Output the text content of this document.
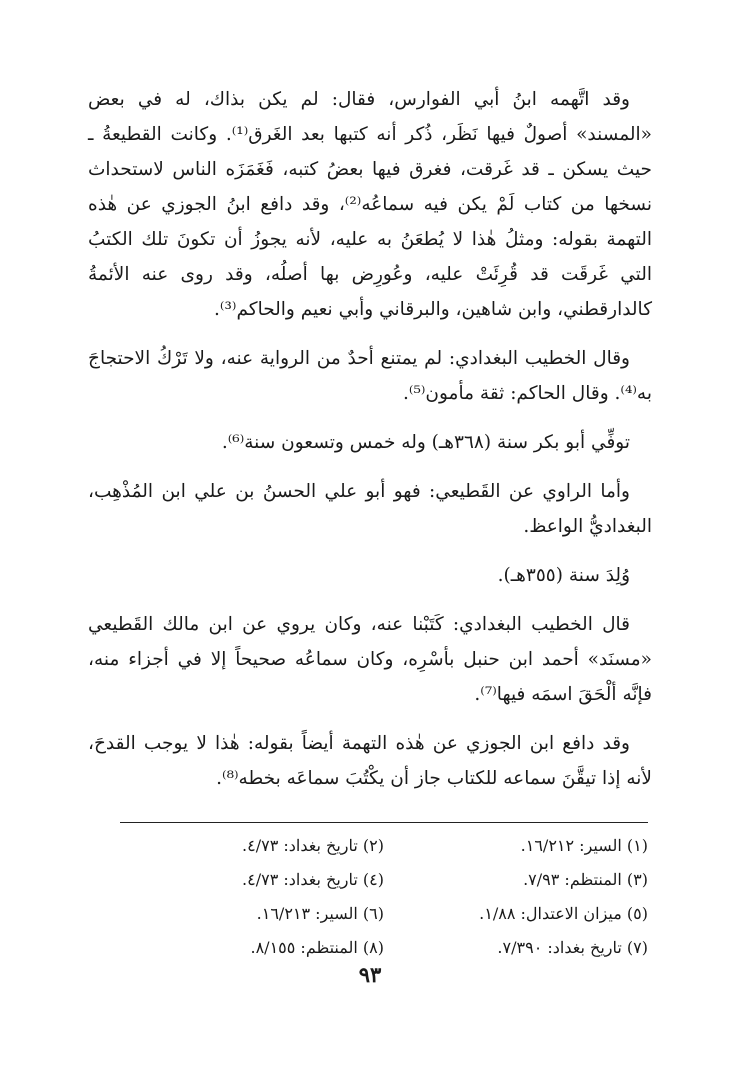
وقد اتَّهمه ابنُ أبي الفوارس، فقال: لم يكن بذاك، له في بعض «المسند» أصولٌ فيها نَظَر، ذُكر أنه كتبها بعد الغَرق⁽¹⁾. وكانت القطيعةُ ـ حيث يسكن ـ قد غَرقت، فغرق فيها بعضُ كتبه، فَغَمَزَه الناس لاستحداث نسخها من كتاب لَمْ يكن فيه سماعُه⁽²⁾، وقد دافع ابنُ الجوزي عن هٰذه التهمة بقوله: ومثلُ هٰذا لا يُطعَنُ به عليه، لأنه يجوزُ أن تكونَ تلك الكتبُ التي غَرقَت قد قُرِئَتْ عليه، وعُورِض بها أصلُه، وقد روى عنه الأئمةُ كالدارقطني، وابن شاهين، والبرقاني وأبي نعيم والحاكم⁽³⁾.

وقال الخطيب البغدادي: لم يمتنع أحدٌ من الرواية عنه، ولا تَرْكُ الاحتجاجَ به⁽⁴⁾. وقال الحاكم: ثقة مأمون⁽⁵⁾.

توفِّي أبو بكر سنة (٣٦٨هـ) وله خمس وتسعون سنة⁽⁶⁾.

وأما الراوي عن القَطيعي: فهو أبو علي الحسنُ بن علي ابن المُذْهِب، البغداديُّ الواعظ.

وُلِدَ سنة (٣٥٥هـ).

قال الخطيب البغدادي: كَتَبْنا عنه، وكان يروي عن ابن مالك القَطيعي «مسنَد» أحمد ابن حنبل بأسْرِه، وكان سماعُه صحيحاً إلا في أجزاء منه، فإنَّه ألْحَقَ اسمَه فيها⁽⁷⁾.

وقد دافع ابن الجوزي عن هٰذه التهمة أيضاً بقوله: هٰذا لا يوجب القدحَ، لأنه إذا تيقَّنَ سماعه للكتاب جاز أن يكْتُبَ سماعَه بخطه⁽⁸⁾.

(١) السير: ١٦/٢١٢.
(٢) تاريخ بغداد: ٤/٧٣.
(٣) المنتظم: ٧/٩٣.
(٤) تاريخ بغداد: ٤/٧٣.
(٥) ميزان الاعتدال: ١/٨٨.
(٦) السير: ١٦/٢١٣.
(٧) تاريخ بغداد: ٧/٣٩٠.
(٨) المنتظم: ٨/١٥٥.
٩٣
